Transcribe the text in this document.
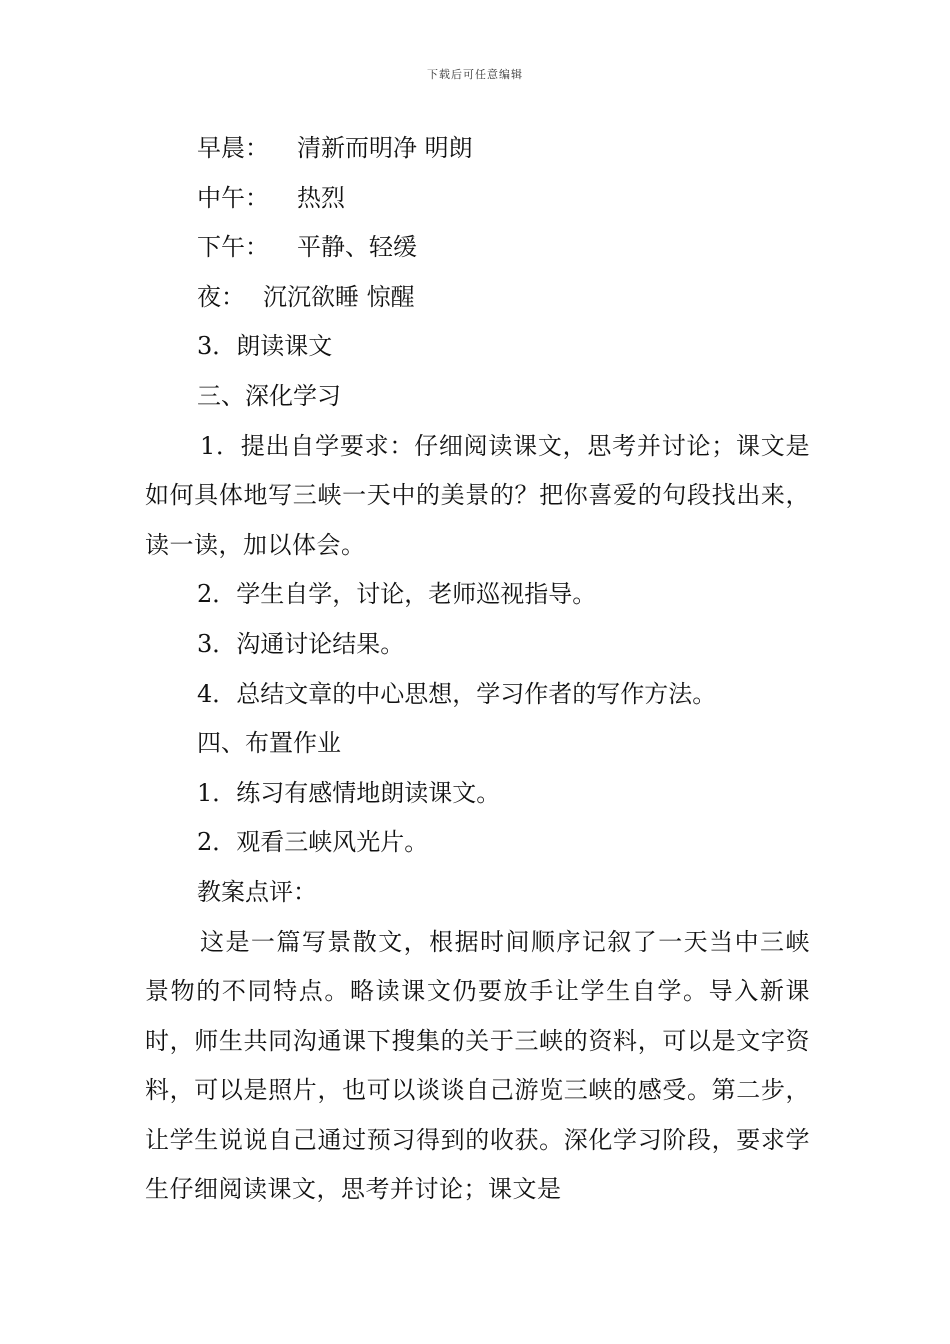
下载后可任意编辑

早晨： 清新而明净 明朗

中午： 热烈

下午： 平静、轻缓

夜： 沉沉欲睡 惊醒

3．朗读课文

三、深化学习

1．提出自学要求：仔细阅读课文，思考并讨论；课文是如何具体地写三峡一天中的美景的？把你喜爱的句段找出来，读一读，加以体会。

2．学生自学，讨论，老师巡视指导。

3．沟通讨论结果。

4．总结文章的中心思想，学习作者的写作方法。

四、布置作业

1．练习有感情地朗读课文。

2．观看三峡风光片。

教案点评：

这是一篇写景散文，根据时间顺序记叙了一天当中三峡景物的不同特点。略读课文仍要放手让学生自学。导入新课时，师生共同沟通课下搜集的关于三峡的资料，可以是文字资料，可以是照片，也可以谈谈自己游览三峡的感受。第二步，让学生说说自己通过预习得到的收获。深化学习阶段，要求学生仔细阅读课文，思考并讨论；课文是
